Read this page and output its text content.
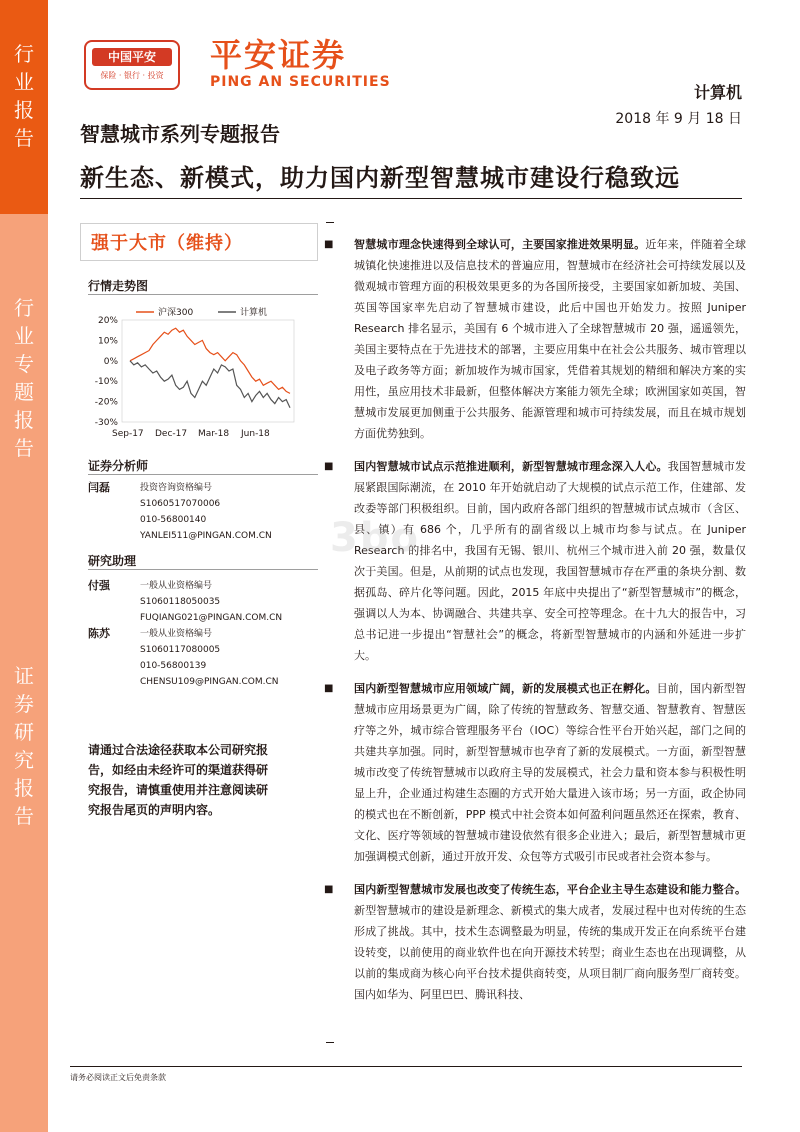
行
业
报
告
行
业
专
题
报
告
证
券
研
究
报
告
中国平安
保险 · 银行 · 投资
平安证券
PING AN SECURITIES
计算机
2018 年 9 月 18 日
智慧城市系列专题报告
新生态、新模式，助力国内新型智慧城市建设行稳致远
强于大市（维持）
行情走势图
20%
10%
0%
-10%
-20%
-30%
Sep-17 Dec-17 Mar-18 Jun-18
沪深300	计算机
证券分析师
闫磊	投资咨询资格编号
S1060517070006
010-56800140
YANLEI511@PINGAN.COM.CN
研究助理
付强	一般从业资格编号
S1060118050035
FUQIANG021@PINGAN.COM.CN
陈苏	一般从业资格编号
S1060117080005
010-56800139
CHENSU109@PINGAN.COM.CN
请通过合法途径获取本公司研究报告，如经由未经许可的渠道获得研究报告，请慎重使用并注意阅读研究报告尾页的声明内容。
■ 智慧城市理念快速得到全球认可，主要国家推进效果明显。近年来，伴随着全球城镇化快速推进以及信息技术的普遍应用，智慧城市在经济社会可持续发展以及微观城市管理方面的积极效果更多的为各国所接受，主要国家如新加坡、美国、英国等国家率先启动了智慧城市建设，此后中国也开始发力。按照 Juniper Research 排名显示，美国有 6 个城市进入了全球智慧城市 20 强，遥遥领先，美国主要特点在于先进技术的部署，主要应用集中在社会公共服务、城市管理以及电子政务等方面；新加坡作为城市国家，凭借着其规划的精细和解决方案的实用性，虽应用技术非最新，但整体解决方案能力领先全球；欧洲国家如英国，智慧城市发展更加侧重于公共服务、能源管理和城市可持续发展，而且在城市规划方面优势独到。
■ 国内智慧城市试点示范推进顺利，新型智慧城市理念深入人心。我国智慧城市发展紧跟国际潮流，在 2010 年开始就启动了大规模的试点示范工作，住建部、发改委等部门积极组织。目前，国内政府各部门组织的智慧城市试点城市（含区、县、镇）有 686 个，几乎所有的副省级以上城市均参与试点。在 Juniper Research 的排名中，我国有无锡、银川、杭州三个城市进入前 20 强，数量仅次于美国。但是，从前期的试点也发现，我国智慧城市存在严重的条块分割、数据孤岛、碎片化等问题。因此，2015 年底中央提出了“新型智慧城市”的概念，强调以人为本、协调融合、共建共享、安全可控等理念。在十九大的报告中，习总书记进一步提出“智慧社会”的概念，将新型智慧城市的内涵和外延进一步扩大。
■ 国内新型智慧城市应用领域广阔，新的发展模式也正在孵化。目前，国内新型智慧城市应用场景更为广阔，除了传统的智慧政务、智慧交通、智慧教育、智慧医疗等之外，城市综合管理服务平台（IOC）等综合性平台开始兴起，部门之间的共建共享加强。同时，新型智慧城市也孕育了新的发展模式。一方面，新型智慧城市改变了传统智慧城市以政府主导的发展模式，社会力量和资本参与积极性明显上升，企业通过构建生态圈的方式开始大量进入该市场；另一方面，政企协同的模式也在不断创新，PPP 模式中社会资本如何盈利问题虽然还在探索，教育、文化、医疗等领域的智慧城市建设依然有很多企业进入；最后，新型智慧城市更加强调模式创新，通过开放开发、众包等方式吸引市民或者社会资本参与。
■ 国内新型智慧城市发展也改变了传统生态，平台企业主导生态建设和能力整合。新型智慧城市的建设是新理念、新模式的集大成者，发展过程中也对传统的生态形成了挑战。其中，技术生态调整最为明显，传统的集成开发正在向系统平台建设转变，以前使用的商业软件也在向开源技术转型；商业生态也在出现调整，从以前的集成商为核心向平台技术提供商转变，从项目制厂商向服务型厂商转变。国内如华为、阿里巴巴、腾讯科技、
3bo
请务必阅读正文后免责条款
